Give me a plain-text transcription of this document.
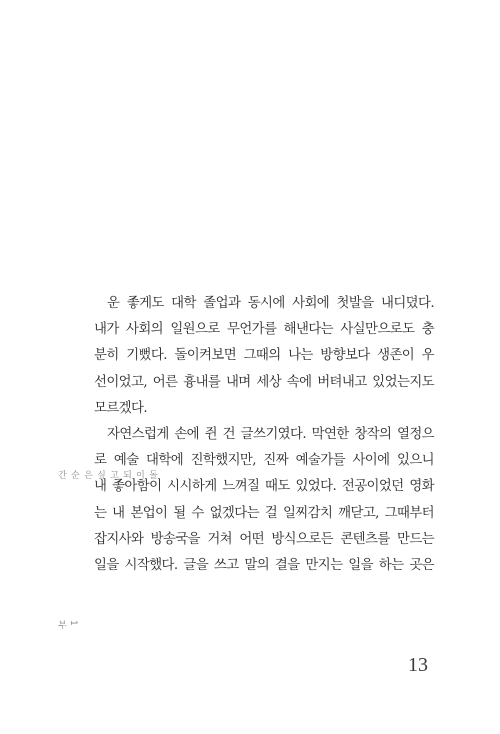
운 좋게도 대학 졸업과 동시에 사회에 첫발을 내디뎠다.
내가 사회의 일원으로 무언가를 해낸다는 사실만으로도 충
분히 기뻤다. 돌이켜보면 그때의 나는 방향보다 생존이 우
선이었고, 어른 흉내를 내며 세상 속에 버텨내고 있었는지도
모르겠다.
자연스럽게 손에 쥔 건 글쓰기였다. 막연한 창작의 열정으
로 예술 대학에 진학했지만, 진짜 예술가들 사이에 있으니
내 좋아함이 시시하게 느껴질 때도 있었다. 전공이었던 영화
는 내 본업이 될 수 없겠다는 걸 일찌감치 깨닫고, 그때부터
잡지사와 방송국을 거쳐 어떤 방식으로든 콘텐츠를 만드는
일을 시작했다. 글을 쓰고 말의 결을 만지는 일을 하는 곳은
돌이 되고 싶은 순간
1부
13
